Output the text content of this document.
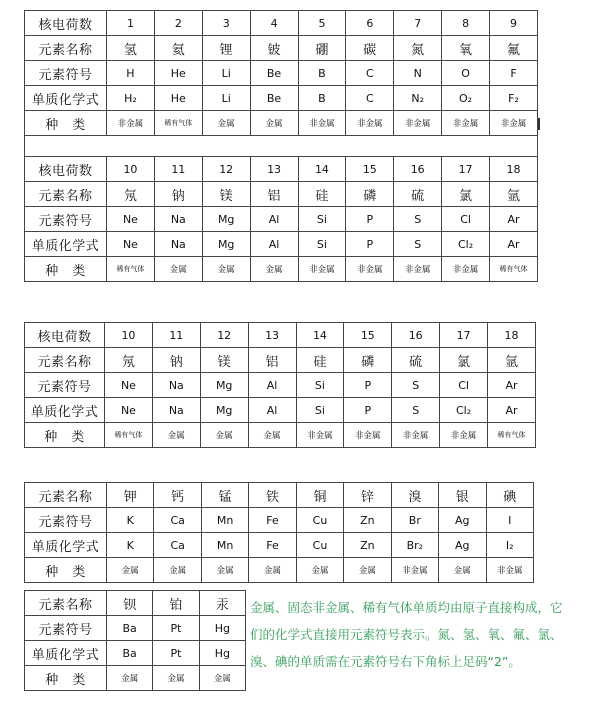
核电荷数	1	2	3	4	5	6	7	8	9
元素名称	氢	氦	锂	铍	硼	碳	氮	氧	氟
元素符号	H	He	Li	Be	B	C	N	O	F
单质化学式	H₂	He	Li	Be	B	C	N₂	O₂	F₂
种　类	非金属	稀有气体	金属	金属	非金属	非金属	非金属	非金属	非金属

核电荷数	10	11	12	13	14	15	16	17	18
元素名称	氖	钠	镁	铝	硅	磷	硫	氯	氩
元素符号	Ne	Na	Mg	Al	Si	P	S	Cl	Ar
单质化学式	Ne	Na	Mg	Al	Si	P	S	Cl₂	Ar
种　类	稀有气体	金属	金属	金属	非金属	非金属	非金属	非金属	稀有气体
核电荷数	10	11	12	13	14	15	16	17	18
元素名称	氖	钠	镁	铝	硅	磷	硫	氯	氩
元素符号	Ne	Na	Mg	Al	Si	P	S	Cl	Ar
单质化学式	Ne	Na	Mg	Al	Si	P	S	Cl₂	Ar
种　类	稀有气体	金属	金属	金属	非金属	非金属	非金属	非金属	稀有气体
元素名称	钾	钙	锰	铁	铜	锌	溴	银	碘
元素符号	K	Ca	Mn	Fe	Cu	Zn	Br	Ag	I
单质化学式	K	Ca	Mn	Fe	Cu	Zn	Br₂	Ag	I₂
种　类	金属	金属	金属	金属	金属	金属	非金属	金属	非金属
元素名称	钡	铂	汞
元素符号	Ba	Pt	Hg
单质化学式	Ba	Pt	Hg
种　类	金属	金属	金属
金属、固态非金属、稀有气体单质均由原子直接构成，它们的化学式直接用元素符号表示。氮、氢、氧、氟、氯、溴、碘的单质需在元素符号右下角标上足码“2”。
